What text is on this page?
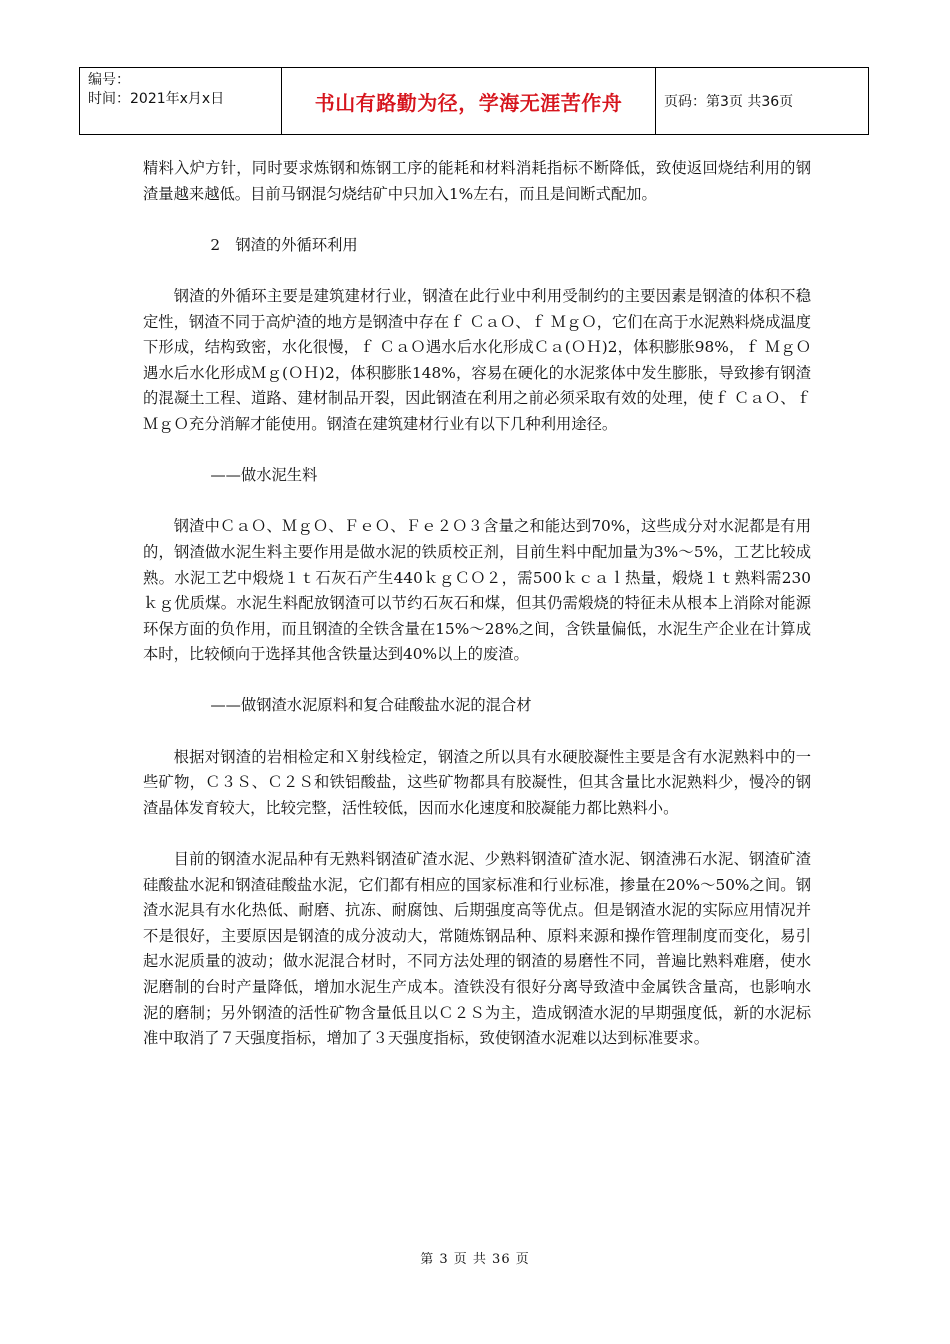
编号：
时间：2021年x月x日	书山有路勤为径，学海无涯苦作舟	页码：第3页 共36页

精料入炉方针，同时要求炼钢和炼钢工序的能耗和材料消耗指标不断降低，致使返回烧结利用的钢渣量越来越低。目前马钢混匀烧结矿中只加入1%左右，而且是间断式配加。

2　钢渣的外循环利用

钢渣的外循环主要是建筑建材行业，钢渣在此行业中利用受制约的主要因素是钢渣的体积不稳定性，钢渣不同于高炉渣的地方是钢渣中存在ｆ ＣａＯ、ｆ ＭｇＯ，它们在高于水泥熟料烧成温度下形成，结构致密，水化很慢，ｆ ＣａＯ遇水后水化形成Ｃａ(ＯＨ)2，体积膨胀98%，ｆ ＭｇＯ遇水后水化形成Ｍｇ(ＯＨ)2，体积膨胀148%，容易在硬化的水泥浆体中发生膨胀，导致掺有钢渣的混凝土工程、道路、建材制品开裂，因此钢渣在利用之前必须采取有效的处理，使ｆ ＣａＯ、ｆ ＭｇＯ充分消解才能使用。钢渣在建筑建材行业有以下几种利用途径。

——做水泥生料

钢渣中ＣａＯ、ＭｇＯ、ＦｅＯ、Ｆｅ２Ｏ３含量之和能达到70%，这些成分对水泥都是有用的，钢渣做水泥生料主要作用是做水泥的铁质校正剂，目前生料中配加量为3%～5%，工艺比较成熟。水泥工艺中煅烧１ｔ石灰石产生440ｋｇＣＯ２，需500ｋｃａｌ热量，煅烧１ｔ熟料需230ｋｇ优质煤。水泥生料配放钢渣可以节约石灰石和煤，但其仍需煅烧的特征未从根本上消除对能源环保方面的负作用，而且钢渣的全铁含量在15%～28%之间，含铁量偏低，水泥生产企业在计算成本时，比较倾向于选择其他含铁量达到40%以上的废渣。

——做钢渣水泥原料和复合硅酸盐水泥的混合材

根据对钢渣的岩相检定和Ｘ射线检定，钢渣之所以具有水硬胶凝性主要是含有水泥熟料中的一些矿物，Ｃ３Ｓ、Ｃ２Ｓ和铁铝酸盐，这些矿物都具有胶凝性，但其含量比水泥熟料少，慢冷的钢渣晶体发育较大，比较完整，活性较低，因而水化速度和胶凝能力都比熟料小。

目前的钢渣水泥品种有无熟料钢渣矿渣水泥、少熟料钢渣矿渣水泥、钢渣沸石水泥、钢渣矿渣硅酸盐水泥和钢渣硅酸盐水泥，它们都有相应的国家标准和行业标准，掺量在20%～50%之间。钢渣水泥具有水化热低、耐磨、抗冻、耐腐蚀、后期强度高等优点。但是钢渣水泥的实际应用情况并不是很好，主要原因是钢渣的成分波动大，常随炼钢品种、原料来源和操作管理制度而变化，易引起水泥质量的波动；做水泥混合材时，不同方法处理的钢渣的易磨性不同，普遍比熟料难磨，使水泥磨制的台时产量降低，增加水泥生产成本。渣铁没有很好分离导致渣中金属铁含量高，也影响水泥的磨制；另外钢渣的活性矿物含量低且以Ｃ２Ｓ为主，造成钢渣水泥的早期强度低，新的水泥标准中取消了７天强度指标，增加了３天强度指标，致使钢渣水泥难以达到标准要求。

第 3 页 共 36 页
